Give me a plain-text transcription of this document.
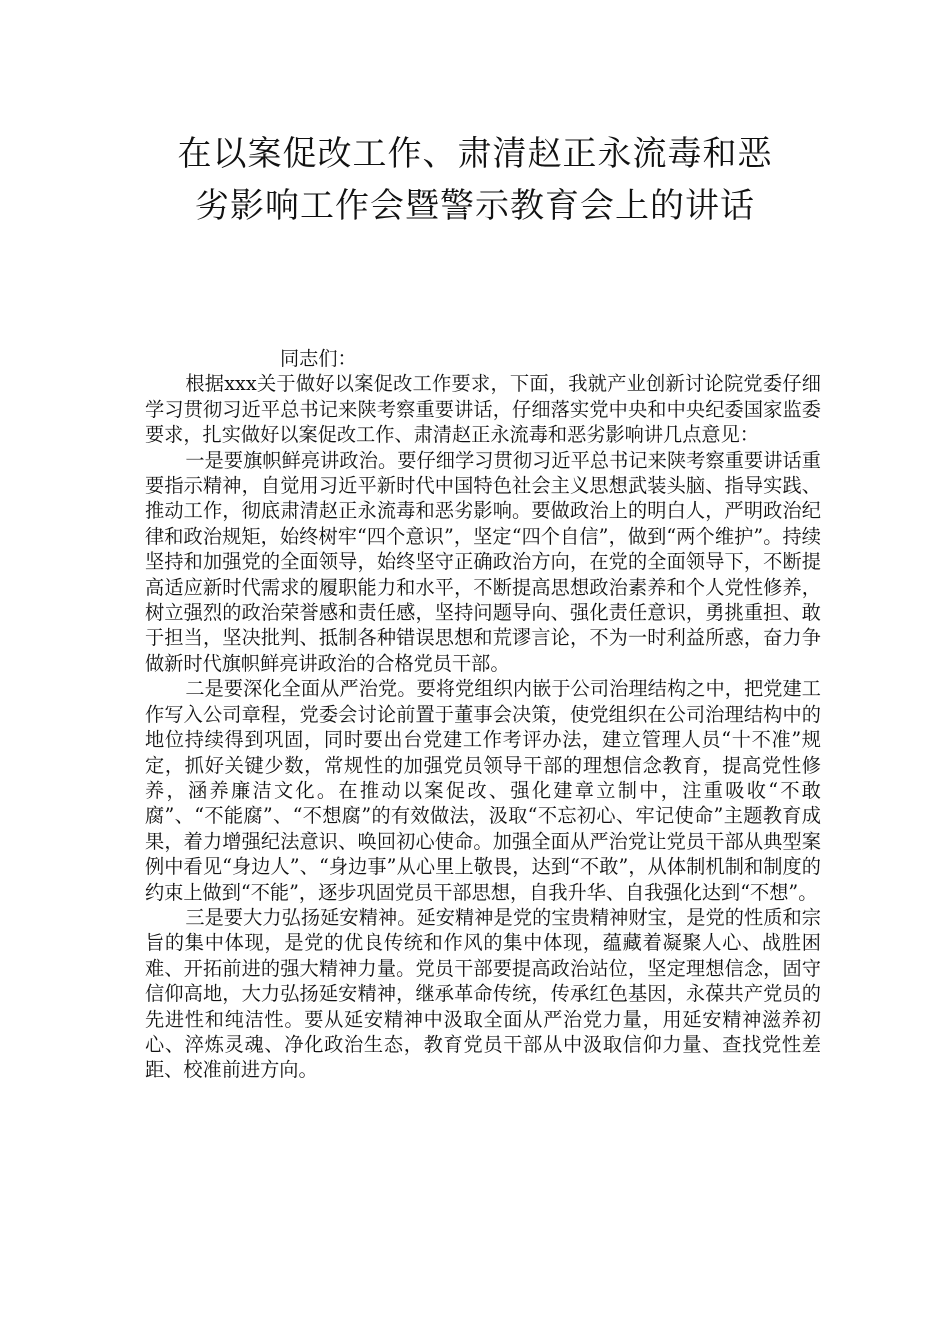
在以案促改工作、肃清赵正永流毒和恶
劣影响工作会暨警示教育会上的讲话

同志们：

根据xxx关于做好以案促改工作要求，下面，我就产业创新讨论院党委仔细学习贯彻习近平总书记来陕考察重要讲话，仔细落实党中央和中央纪委国家监委要求，扎实做好以案促改工作、肃清赵正永流毒和恶劣影响讲几点意见：

一是要旗帜鲜亮讲政治。要仔细学习贯彻习近平总书记来陕考察重要讲话重要指示精神，自觉用习近平新时代中国特色社会主义思想武装头脑、指导实践、推动工作，彻底肃清赵正永流毒和恶劣影响。要做政治上的明白人，严明政治纪律和政治规矩，始终树牢“四个意识”，坚定“四个自信”，做到“两个维护”。持续坚持和加强党的全面领导，始终坚守正确政治方向，在党的全面领导下，不断提高适应新时代需求的履职能力和水平，不断提高思想政治素养和个人党性修养，树立强烈的政治荣誉感和责任感，坚持问题导向、强化责任意识，勇挑重担、敢于担当，坚决批判、抵制各种错误思想和荒谬言论，不为一时利益所惑，奋力争做新时代旗帜鲜亮讲政治的合格党员干部。

二是要深化全面从严治党。要将党组织内嵌于公司治理结构之中，把党建工作写入公司章程，党委会讨论前置于董事会决策，使党组织在公司治理结构中的地位持续得到巩固，同时要出台党建工作考评办法，建立管理人员“十不准”规定，抓好关键少数，常规性的加强党员领导干部的理想信念教育，提高党性修养，涵养廉洁文化。在推动以案促改、强化建章立制中，注重吸收“不敢腐”、“不能腐”、“不想腐”的有效做法，汲取“不忘初心、牢记使命”主题教育成果，着力增强纪法意识、唤回初心使命。加强全面从严治党让党员干部从典型案例中看见“身边人”、“身边事”从心里上敬畏，达到“不敢”，从体制机制和制度的约束上做到“不能”，逐步巩固党员干部思想，自我升华、自我强化达到“不想”。

三是要大力弘扬延安精神。延安精神是党的宝贵精神财宝，是党的性质和宗旨的集中体现，是党的优良传统和作风的集中体现，蕴藏着凝聚人心、战胜困难、开拓前进的强大精神力量。党员干部要提高政治站位，坚定理想信念，固守信仰高地，大力弘扬延安精神，继承革命传统，传承红色基因，永葆共产党员的先进性和纯洁性。要从延安精神中汲取全面从严治党力量，用延安精神滋养初心、淬炼灵魂、净化政治生态，教育党员干部从中汲取信仰力量、查找党性差距、校准前进方向。
